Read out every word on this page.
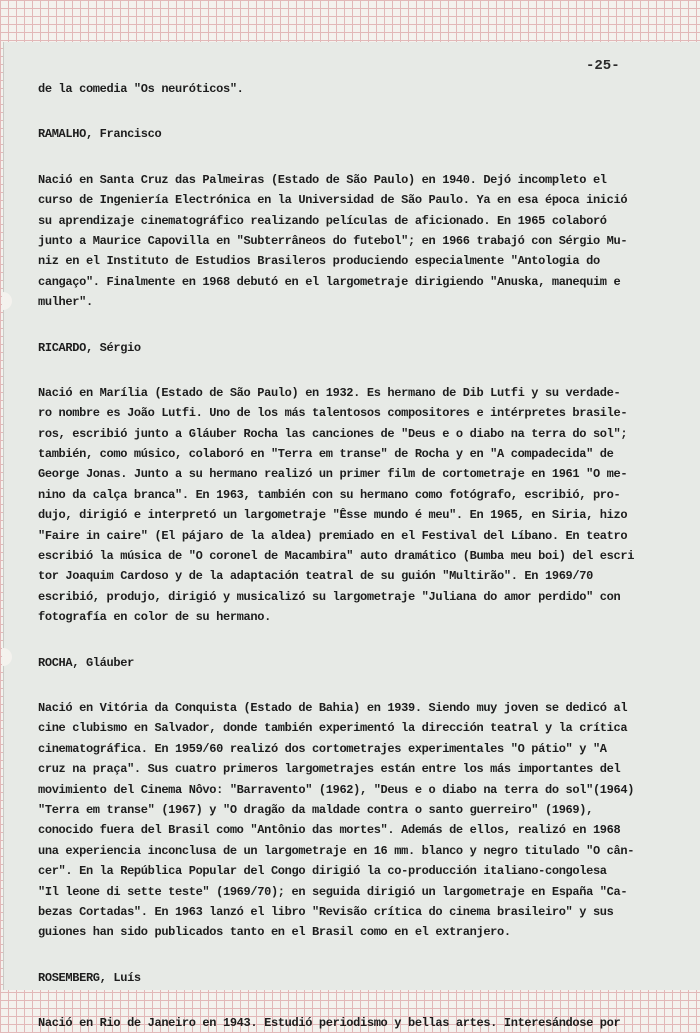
-25-
de la comedia "Os neuróticos".
RAMALHO, Francisco
Nació en Santa Cruz das Palmeiras (Estado de São Paulo) en 1940. Dejó incompleto el
curso de Ingeniería Electrónica en la Universidad de São Paulo. Ya en esa época inició
su aprendizaje cinematográfico realizando películas de aficionado. En 1965 colaboró
junto a Maurice Capovilla en "Subterrâneos do futebol"; en 1966 trabajó con Sérgio Mu-
niz en el Instituto de Estudios Brasileros produciendo especialmente "Antologia do
cangaço". Finalmente en 1968 debutó en el largometraje dirigiendo "Anuska, manequim e
mulher".
RICARDO, Sérgio
Nació en Marília (Estado de São Paulo) en 1932. Es hermano de Dib Lutfi y su verdade-
ro nombre es João Lutfi. Uno de los más talentosos compositores e intérpretes brasile-
ros, escribió junto a Gláuber Rocha las canciones de "Deus e o diabo na terra do sol";
también, como músico, colaboró en "Terra em transe" de Rocha y en "A compadecida" de
George Jonas. Junto a su hermano realizó un primer film de cortometraje en 1961 "O me-
nino da calça branca". En 1963, también con su hermano como fotógrafo, escribió, pro-
dujo, dirigió e interpretó un largometraje "Êsse mundo é meu". En 1965, en Siria, hizo
"Faire in caire" (El pájaro de la aldea) premiado en el Festival del Líbano. En teatro
escribió la música de "O coronel de Macambira" auto dramático (Bumba meu boi) del escri
tor Joaquim Cardoso y de la adaptación teatral de su guión "Multirão". En 1969/70
escribió, produjo, dirigió y musicalizó su largometraje "Juliana do amor perdido" con
fotografía en color de su hermano.
ROCHA, Gláuber
Nació en Vitória da Conquista (Estado de Bahia) en 1939. Siendo muy joven se dedicó al
cine clubismo en Salvador, donde también experimentó la dirección teatral y la crítica
cinematográfica. En 1959/60 realizó dos cortometrajes experimentales "O pátio" y "A
cruz na praça". Sus cuatro primeros largometrajes están entre los más importantes del
movimiento del Cinema Nôvo: "Barravento" (1962), "Deus e o diabo na terra do sol"(1964)
"Terra em transe" (1967) y "O dragão da maldade contra o santo guerreiro" (1969),
conocido fuera del Brasil como "Antônio das mortes". Además de ellos, realizó en 1968
una experiencia inconclusa de un largometraje en 16 mm. blanco y negro titulado "O cân-
cer". En la República Popular del Congo dirigió la co-producción italiano-congolesa
"Il leone di sette teste" (1969/70); en seguida dirigió un largometraje en España "Ca-
bezas Cortadas". En 1963 lanzó el libro "Revisão crítica do cinema brasileiro" y sus
guiones han sido publicados tanto en el Brasil como en el extranjero.
ROSEMBERG, Luís
Nació en Rio de Janeiro en 1943. Estudió periodismo y bellas artes. Interesándose por
